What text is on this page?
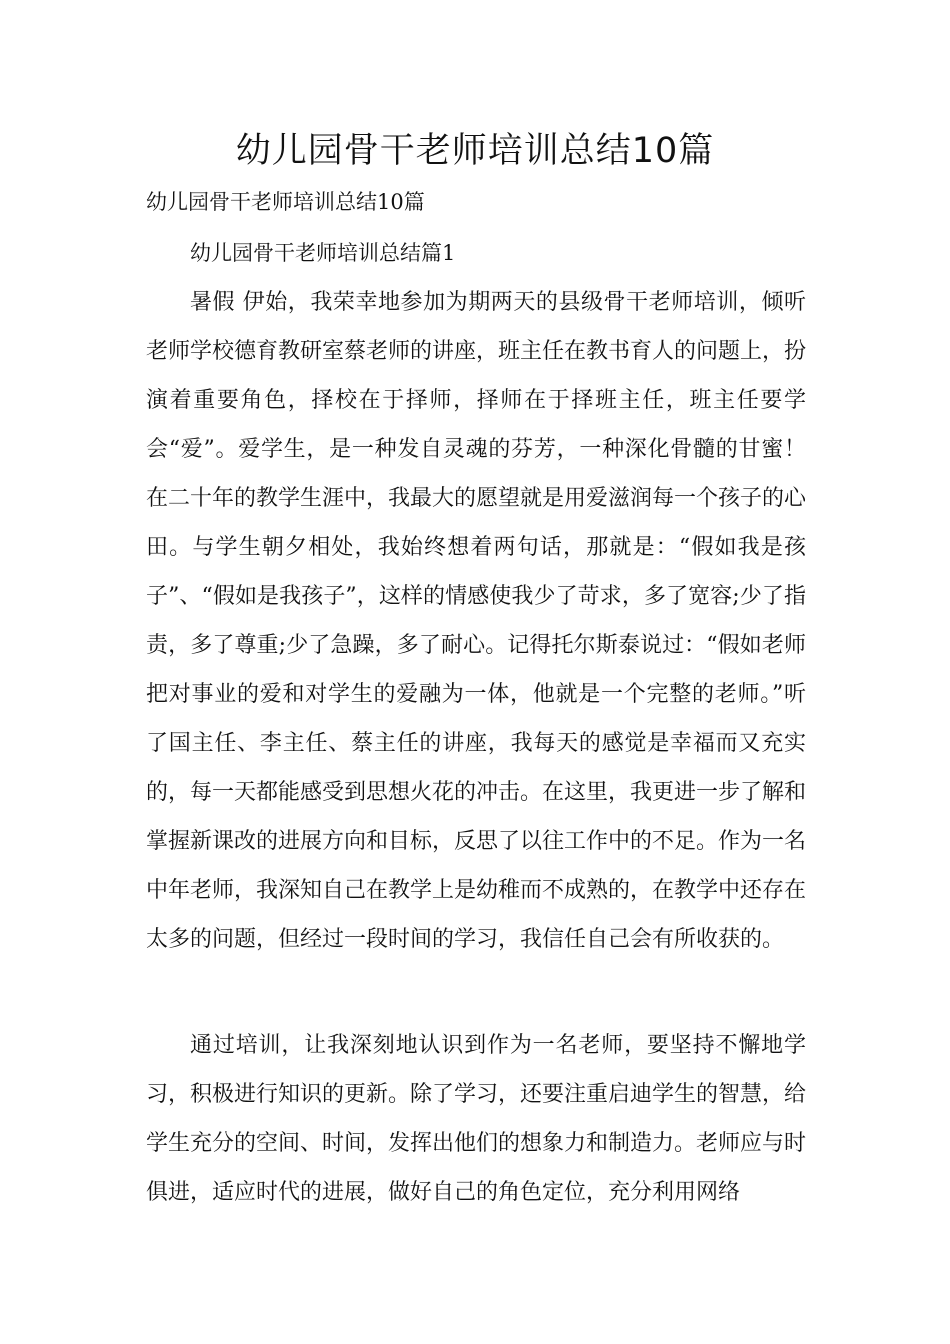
幼儿园骨干老师培训总结10篇
幼儿园骨干老师培训总结10篇
幼儿园骨干老师培训总结篇1

暑假 伊始，我荣幸地参加为期两天的县级骨干老师培训，倾听老师学校德育教研室蔡老师的讲座，班主任在教书育人的问题上，扮演着重要角色，择校在于择师，择师在于择班主任，班主任要学会“爱”。爱学生，是一种发自灵魂的芬芳，一种深化骨髓的甘蜜！在二十年的教学生涯中，我最大的愿望就是用爱滋润每一个孩子的心田。与学生朝夕相处，我始终想着两句话，那就是：“假如我是孩子”、“假如是我孩子”，这样的情感使我少了苛求，多了宽容;少了指责，多了尊重;少了急躁，多了耐心。记得托尔斯泰说过：“假如老师把对事业的爱和对学生的爱融为一体，他就是一个完整的老师。”听了国主任、李主任、蔡主任的讲座，我每天的感觉是幸福而又充实的，每一天都能感受到思想火花的冲击。在这里，我更进一步了解和掌握新课改的进展方向和目标，反思了以往工作中的不足。作为一名中年老师，我深知自己在教学上是幼稚而不成熟的，在教学中还存在太多的问题，但经过一段时间的学习，我信任自己会有所收获的。

通过培训，让我深刻地认识到作为一名老师，要坚持不懈地学习，积极进行知识的更新。除了学习，还要注重启迪学生的智慧，给学生充分的空间、时间，发挥出他们的想象力和制造力。老师应与时俱进，适应时代的进展，做好自己的角色定位，充分利用网络
